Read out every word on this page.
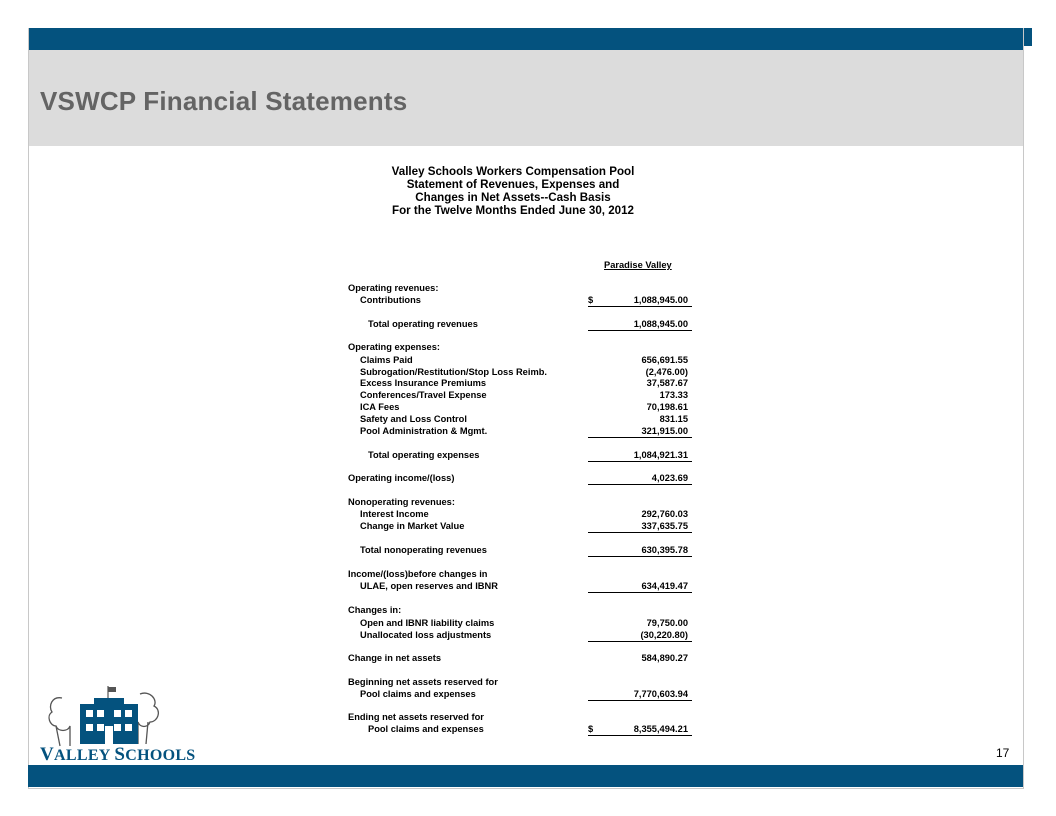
VSWCP Financial Statements
Valley Schools Workers Compensation Pool
Statement of Revenues, Expenses and
Changes in Net Assets--Cash Basis
For the Twelve Months Ended June 30, 2012
Paradise Valley
Operating revenues:
Contributions	$	1,088,945.00
Total operating revenues	1,088,945.00
Operating expenses:
Claims Paid	656,691.55
Subrogation/Restitution/Stop Loss Reimb.	(2,476.00)
Excess Insurance Premiums	37,587.67
Conferences/Travel Expense	173.33
ICA Fees	70,198.61
Safety and Loss Control	831.15
Pool Administration & Mgmt.	321,915.00
Total operating expenses	1,084,921.31
Operating income/(loss)	4,023.69
Nonoperating revenues:
Interest Income	292,760.03
Change in Market Value	337,635.75
Total nonoperating revenues	630,395.78
Income/(loss)before changes in
ULAE, open reserves and IBNR	634,419.47
Changes in:
Open and IBNR liability claims	79,750.00
Unallocated loss adjustments	(30,220.80)
Change in net assets	584,890.27
Beginning net assets reserved for
Pool claims and expenses	7,770,603.94
Ending net assets reserved for
Pool claims and expenses	$	8,355,494.21
VALLEY SCHOOLS	17
